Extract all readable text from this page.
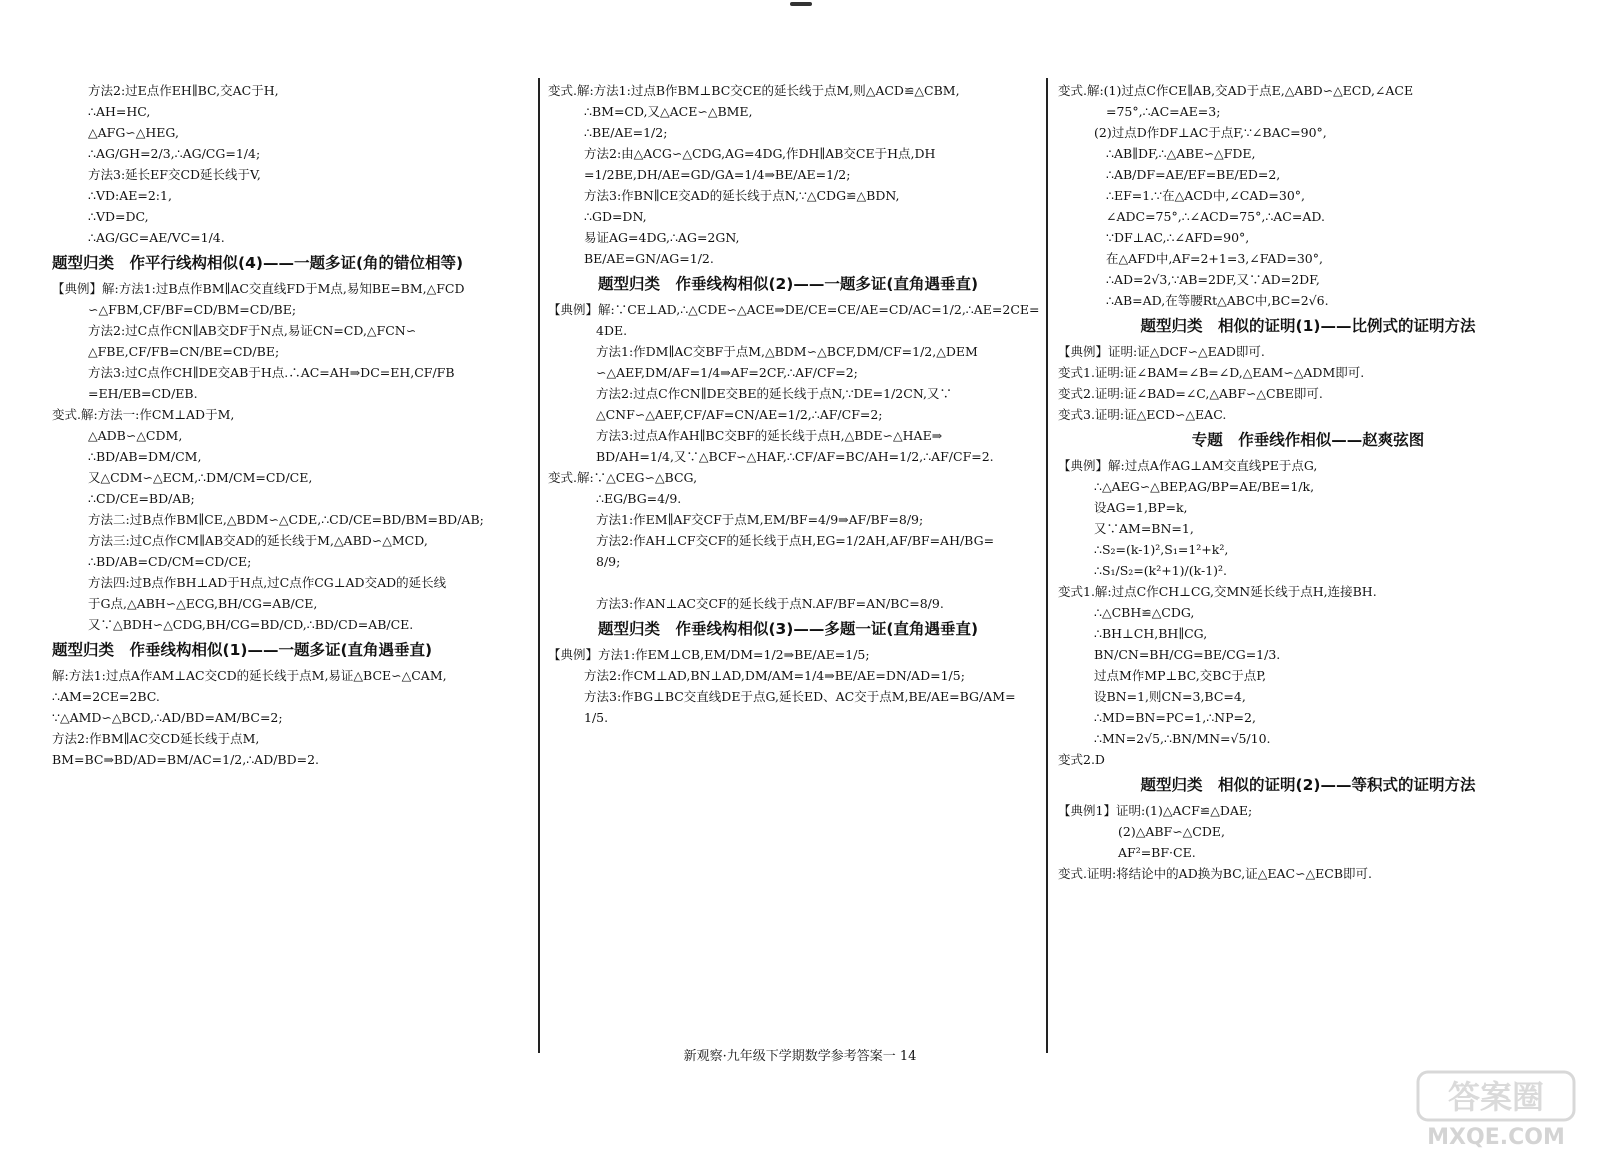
方法2:过E点作EH∥BC,交AC于H,
∴AH=HC,
△AFG∽△HEG,
∴AG/GH=2/3,∴AG/CG=1/4;
方法3:延长EF交CD延长线于V,
∴VD:AE=2:1,
∴VD=DC,
∴AG/GC=AE/VC=1/4.
题型归类　作平行线构相似(4)——一题多证(角的错位相等)
【典例】解:方法1:过B点作BM∥AC交直线FD于M点,易知BE=BM,△FCD
∽△FBM,CF/BF=CD/BM=CD/BE;
方法2:过C点作CN∥AB交DF于N点,易证CN=CD,△FCN∽
△FBE,CF/FB=CN/BE=CD/BE;
方法3:过C点作CH∥DE交AB于H点.∴AC=AH⇒DC=EH,CF/FB
=EH/EB=CD/EB.
变式.解:方法一:作CM⊥AD于M,
△ADB∽△CDM,
∴BD/AB=DM/CM,
又△CDM∽△ECM,∴DM/CM=CD/CE,
∴CD/CE=BD/AB;
方法二:过B点作BM∥CE,△BDM∽△CDE,∴CD/CE=BD/BM=BD/AB;
方法三:过C点作CM∥AB交AD的延长线于M,△ABD∽△MCD,
∴BD/AB=CD/CM=CD/CE;
方法四:过B点作BH⊥AD于H点,过C点作CG⊥AD交AD的延长线
于G点,△ABH∽△ECG,BH/CG=AB/CE,
又∵△BDH∽△CDG,BH/CG=BD/CD,∴BD/CD=AB/CE.
题型归类　作垂线构相似(1)——一题多证(直角遇垂直)
解:方法1:过点A作AM⊥AC交CD的延长线于点M,易证△BCE∽△CAM,
∴AM=2CE=2BC.
∵△AMD∽△BCD,∴AD/BD=AM/BC=2;
方法2:作BM∥AC交CD延长线于点M,
BM=BC⇒BD/AD=BM/AC=1/2,∴AD/BD=2.
变式.解:方法1:过点B作BM⊥BC交CE的延长线于点M,则△ACD≌△CBM,
∴BM=CD,又△ACE∽△BME,
∴BE/AE=1/2;
方法2:由△ACG∽△CDG,AG=4DG,作DH∥AB交CE于H点,DH
=1/2BE,DH/AE=GD/GA=1/4⇒BE/AE=1/2;
方法3:作BN∥CE交AD的延长线于点N,∵△CDG≌△BDN,
∴GD=DN,
易证AG=4DG,∴AG=2GN,
BE/AE=GN/AG=1/2.
题型归类　作垂线构相似(2)——一题多证(直角遇垂直)
【典例】解:∵CE⊥AD,∴△CDE∽△ACE⇒DE/CE=CE/AE=CD/AC=1/2,∴AE=2CE=
4DE.
方法1:作DM∥AC交BF于点M,△BDM∽△BCF,DM/CF=1/2,△DEM
∽△AEF,DM/AF=1/4⇒AF=2CF,∴AF/CF=2;
方法2:过点C作CN∥DE交BE的延长线于点N,∵DE=1/2CN,又∵
△CNF∽△AEF,CF/AF=CN/AE=1/2,∴AF/CF=2;
方法3:过点A作AH∥BC交BF的延长线于点H,△BDE∽△HAE⇒
BD/AH=1/4,又∵△BCF∽△HAF,∴CF/AF=BC/AH=1/2,∴AF/CF=2.
变式.解:∵△CEG∽△BCG,
∴EG/BG=4/9.
方法1:作EM∥AF交CF于点M,EM/BF=4/9⇒AF/BF=8/9;
方法2:作AH⊥CF交CF的延长线于点H,EG=1/2AH,AF/BF=AH/BG=
8/9;
方法3:作AN⊥AC交CF的延长线于点N.AF/BF=AN/BC=8/9.
题型归类　作垂线构相似(3)——多题一证(直角遇垂直)
【典例】方法1:作EM⊥CB,EM/DM=1/2⇒BE/AE=1/5;
方法2:作CM⊥AD,BN⊥AD,DM/AM=1/4⇒BE/AE=DN/AD=1/5;
方法3:作BG⊥BC交直线DE于点G,延长ED、AC交于点M,BE/AE=BG/AM=
1/5.
变式.解:(1)过点C作CE∥AB,交AD于点E,△ABD∽△ECD,∠ACE
=75°,∴AC=AE=3;
(2)过点D作DF⊥AC于点F,∵∠BAC=90°,
∴AB∥DF,∴△ABE∽△FDE,
∴AB/DF=AE/EF=BE/ED=2,
∴EF=1.∵在△ACD中,∠CAD=30°,
∠ADC=75°,∴∠ACD=75°,∴AC=AD.
∵DF⊥AC,∴∠AFD=90°,
在△AFD中,AF=2+1=3,∠FAD=30°,
∴AD=2√3,∵AB=2DF,又∵AD=2DF,
∴AB=AD,在等腰Rt△ABC中,BC=2√6.
题型归类　相似的证明(1)——比例式的证明方法
【典例】证明:证△DCF∽△EAD即可.
变式1.证明:证∠BAM=∠B=∠D,△EAM∽△ADM即可.
变式2.证明:证∠BAD=∠C,△ABF∽△CBE即可.
变式3.证明:证△ECD∽△EAC.
专题　作垂线作相似——赵爽弦图
【典例】解:过点A作AG⊥AM交直线PE于点G,
∴△AEG∽△BEP,AG/BP=AE/BE=1/k,
设AG=1,BP=k,
又∵AM=BN=1,
∴S₂=(k-1)²,S₁=1²+k²,
∴S₁/S₂=(k²+1)/(k-1)².
变式1.解:过点C作CH⊥CG,交MN延长线于点H,连接BH.
∴△CBH≌△CDG,
∴BH⊥CH,BH∥CG,
BN/CN=BH/CG=BE/CG=1/3.
过点M作MP⊥BC,交BC于点P,
设BN=1,则CN=3,BC=4,
∴MD=BN=PC=1,∴NP=2,
∴MN=2√5,∴BN/MN=√5/10.
变式2.D
题型归类　相似的证明(2)——等积式的证明方法
【典例1】证明:(1)△ACF≌△DAE;
(2)△ABF∽△CDE,
AF²=BF·CE.
变式.证明:将结论中的AD换为BC,证△EAC∽△ECB即可.
新观察·九年级下学期数学参考答案一 14
答案圈
MXQE.COM
